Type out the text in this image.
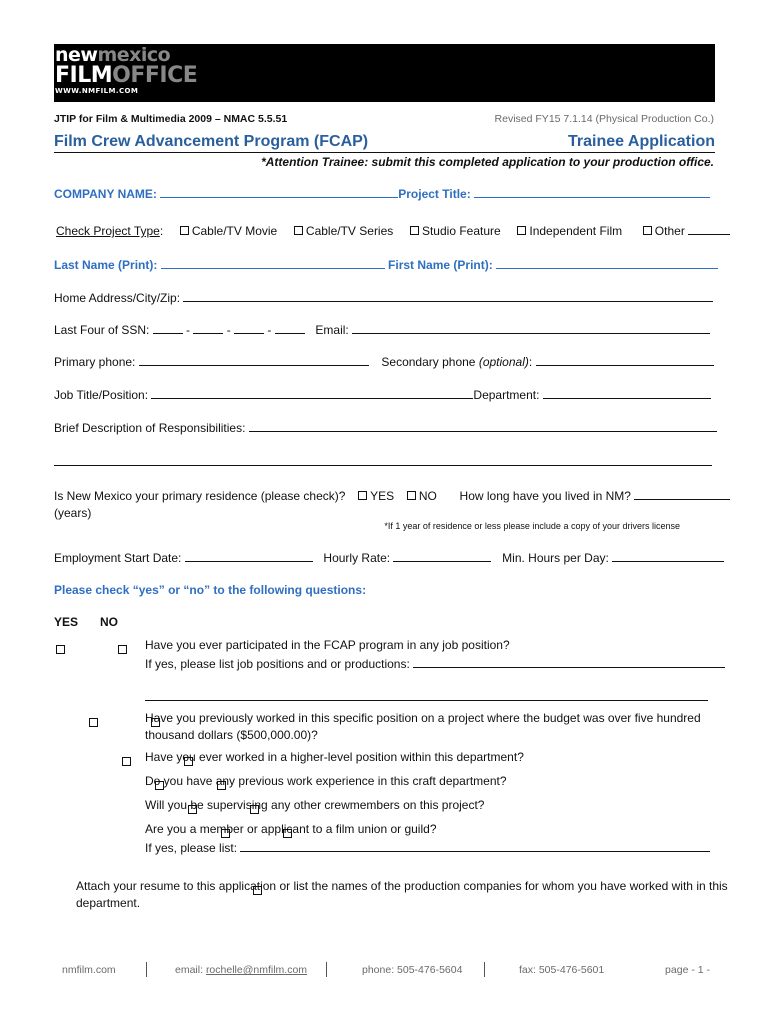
newmexico
FILMOFFICE
WWW.NMFILM.COM
JTIP for Film & Multimedia 2009 – NMAC 5.5.51	Revised FY15 7.1.14 (Physical Production Co.)
Film Crew Advancement Program (FCAP)	Trainee Application
*Attention Trainee: submit this completed application to your production office.
COMPANY NAME:	Project Title:
Check Project Type:  Cable/TV Movie Cable/TV Series Studio Feature Independent Film	Other
Last Name (Print):	First Name (Print):
Home Address/City/Zip:
Last Four of SSN:	-	-	-	Email:
Primary phone:	Secondary phone (optional):
Job Title/Position:	Department:
Brief Description of Responsibilities:
Is New Mexico your primary residence (please check)? YES NO How long have you lived in NM?
(years)
*If 1 year of residence or less please include a copy of your drivers license
Employment Start Date:	Hourly Rate:	Min. Hours per Day:
Please check “yes” or “no” to the following questions:
YES NO

Have you ever participated in the FCAP program in any job position?
If yes, please list job positions and or productions:

Have you previously worked in this specific position on a project where the budget was over five hundred
thousand dollars ($500,000.00)?

Have you ever worked in a higher-level position within this department?

Do you have any previous work experience in this craft department?

Will you be supervising any other crewmembers on this project?

Are you a member or applicant to a film union or guild?
If yes, please list:
Attach your resume to this application or list the names of the production companies for whom you have worked with in this
department.
nmfilm.com	email: rochelle@nmfilm.com	phone: 505-476-5604	fax: 505-476-5601	page - 1 -
